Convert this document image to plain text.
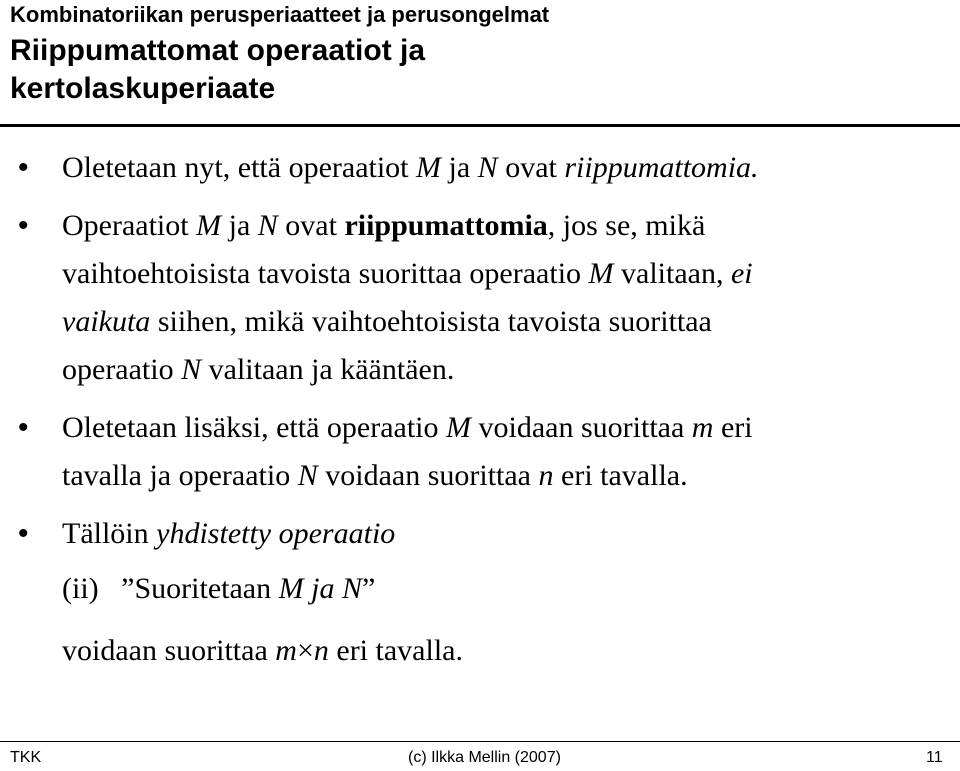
Kombinatoriikan perusperiaatteet ja perusongelmat
Riippumattomat operaatiot ja
kertolaskuperiaate
• Oletetaan nyt, että operaatiot M ja N ovat riippumattomia.
• Operaatiot M ja N ovat riippumattomia, jos se, mikä
vaihtoehtoisista tavoista suorittaa operaatio M valitaan, ei
vaikuta siihen, mikä vaihtoehtoisista tavoista suorittaa
operaatio N valitaan ja kääntäen.
• Oletetaan lisäksi, että operaatio M voidaan suorittaa m eri
tavalla ja operaatio N voidaan suorittaa n eri tavalla.
• Tällöin yhdistetty operaatio
(ii) ”Suoritetaan M ja N”
voidaan suorittaa m×n eri tavalla.
TKK	(c) Ilkka Mellin (2007)	11
